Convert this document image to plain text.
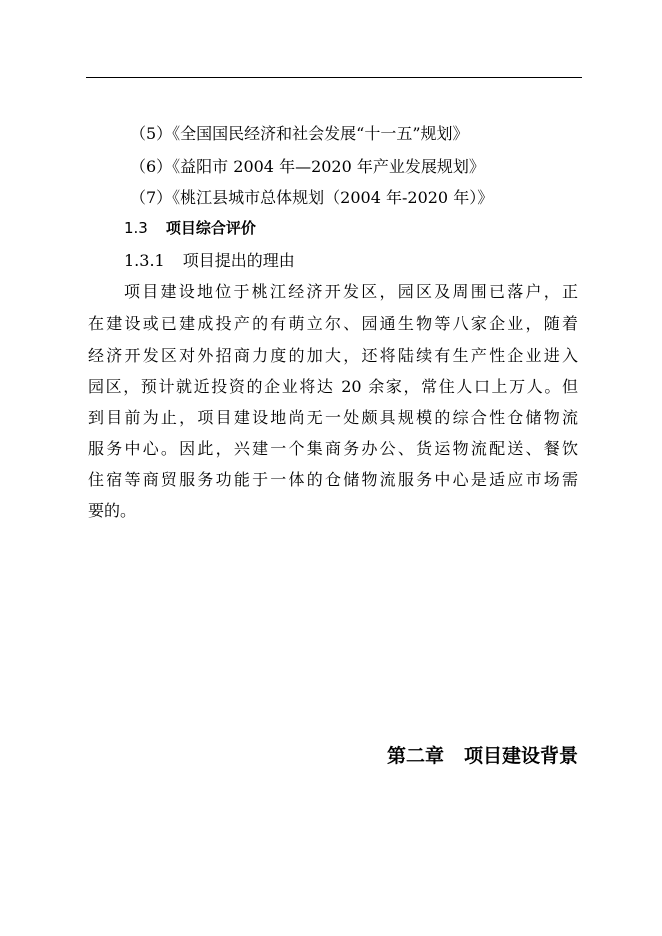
（5）《全国国民经济和社会发展“十一五”规划》
（6）《益阳市 2004 年—2020 年产业发展规划》
（7）《桃江县城市总体规划（2004 年-2020 年）》
1.3 项目综合评价
1.3.1 项目提出的理由
项目建设地位于桃江经济开发区，园区及周围已落户，正
在建设或已建成投产的有萌立尔、园通生物等八家企业，随着
经济开发区对外招商力度的加大，还将陆续有生产性企业进入
园区，预计就近投资的企业将达 20 余家，常住人口上万人。但
到目前为止，项目建设地尚无一处颇具规模的综合性仓储物流
服务中心。因此，兴建一个集商务办公、货运物流配送、餐饮
住宿等商贸服务功能于一体的仓储物流服务中心是适应市场需
要的。
第二章 项目建设背景
